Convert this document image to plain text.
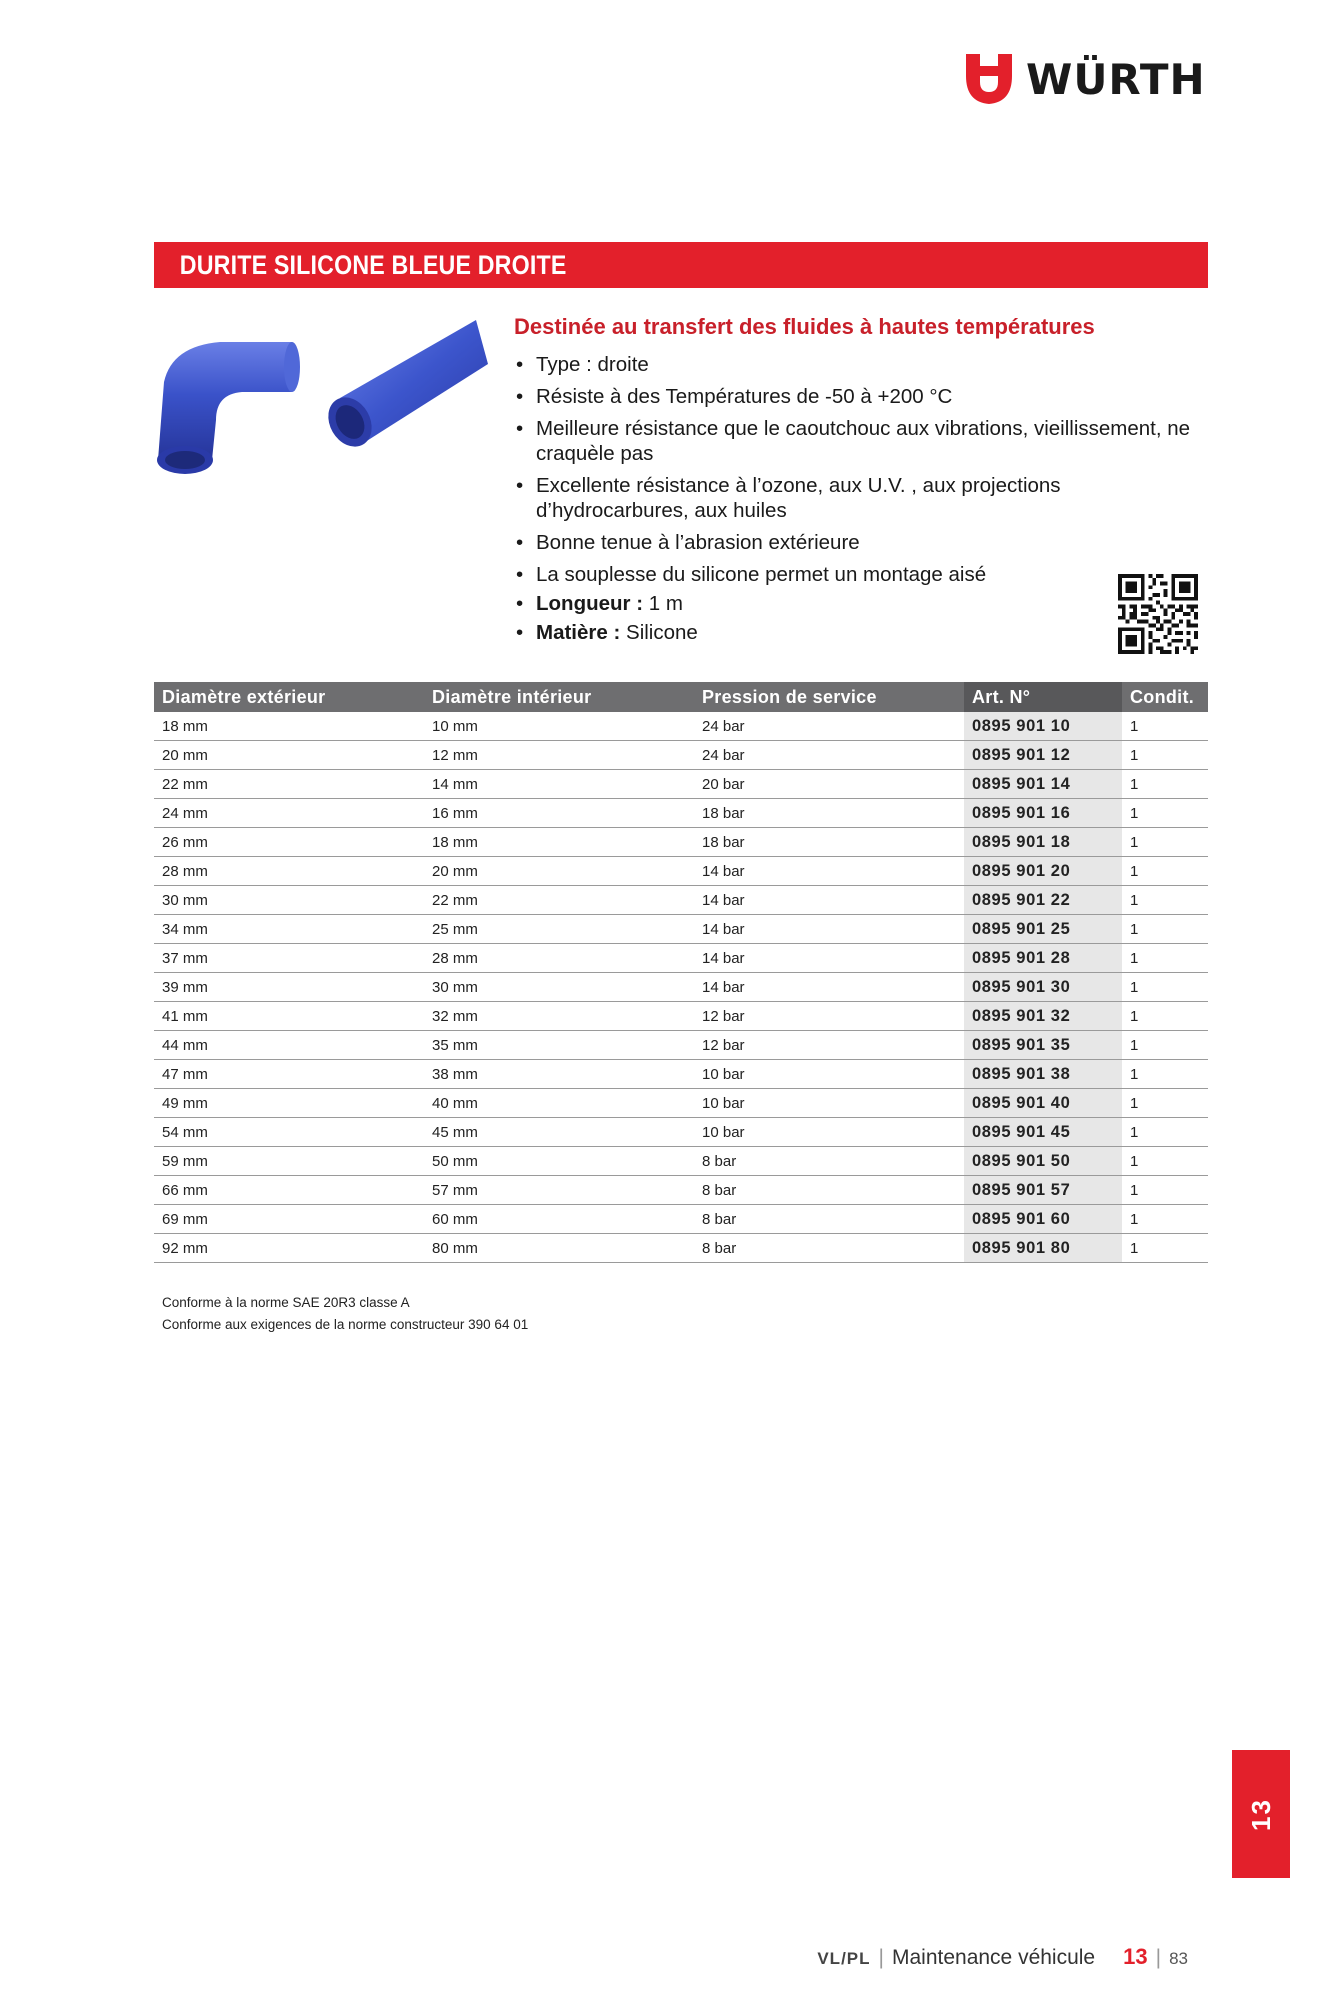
WÜRTH
DURITE SILICONE BLEUE DROITE
Destinée au transfert des fluides à hautes températures
• Type : droite
• Résiste à des Températures de -50 à +200 °C
• Meilleure résistance que le caoutchouc aux vibrations, vieillissement, ne craquèle pas
• Excellente résistance à l’ozone, aux U.V. , aux projections d’hydrocarbures, aux huiles
• Bonne tenue à l’abrasion extérieure
• La souplesse du silicone permet un montage aisé
• Longueur : 1 m
• Matière : Silicone
Diamètre extérieur	Diamètre intérieur	Pression de service	Art. N°	Condit.
18 mm	10 mm	24 bar	0895 901 10	1
20 mm	12 mm	24 bar	0895 901 12	1
22 mm	14 mm	20 bar	0895 901 14	1
24 mm	16 mm	18 bar	0895 901 16	1
26 mm	18 mm	18 bar	0895 901 18	1
28 mm	20 mm	14 bar	0895 901 20	1
30 mm	22 mm	14 bar	0895 901 22	1
34 mm	25 mm	14 bar	0895 901 25	1
37 mm	28 mm	14 bar	0895 901 28	1
39 mm	30 mm	14 bar	0895 901 30	1
41 mm	32 mm	12 bar	0895 901 32	1
44 mm	35 mm	12 bar	0895 901 35	1
47 mm	38 mm	10 bar	0895 901 38	1
49 mm	40 mm	10 bar	0895 901 40	1
54 mm	45 mm	10 bar	0895 901 45	1
59 mm	50 mm	8 bar	0895 901 50	1
66 mm	57 mm	8 bar	0895 901 57	1
69 mm	60 mm	8 bar	0895 901 60	1
92 mm	80 mm	8 bar	0895 901 80	1
Conforme à la norme SAE 20R3 classe A
Conforme aux exigences de la norme constructeur 390 64 01
13
VL/PL | Maintenance véhicule 13 | 83
